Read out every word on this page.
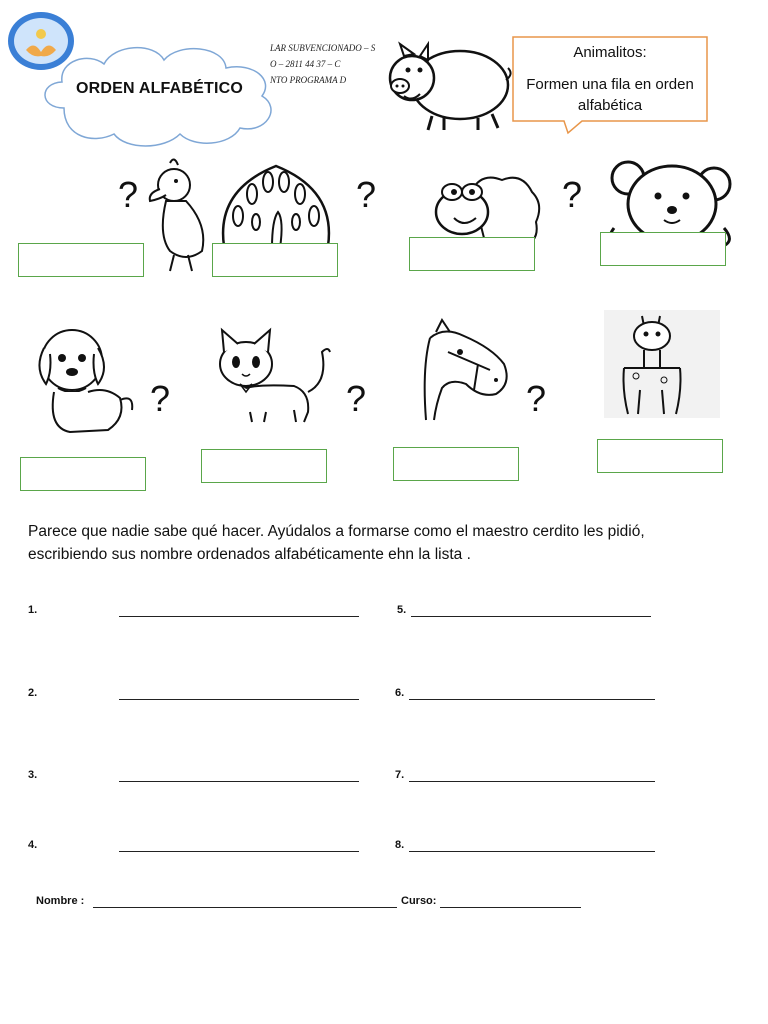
LAR SUBVENCIONADO – S
O – 2811 44 37 – C
NTO PROGRAMA D
ORDEN ALFABÉTICO
Animalitos:
Formen una fila en orden alfabética
?	?	?
?	?	?
Parece que nadie sabe qué hacer. Ayúdalos a formarse como el maestro cerdito les pidió, escribiendo sus nombre ordenados alfabéticamente ehn la lista .
1.
2.
3.
4.
5.
6.
7.
8.
Nombre :	Curso:
